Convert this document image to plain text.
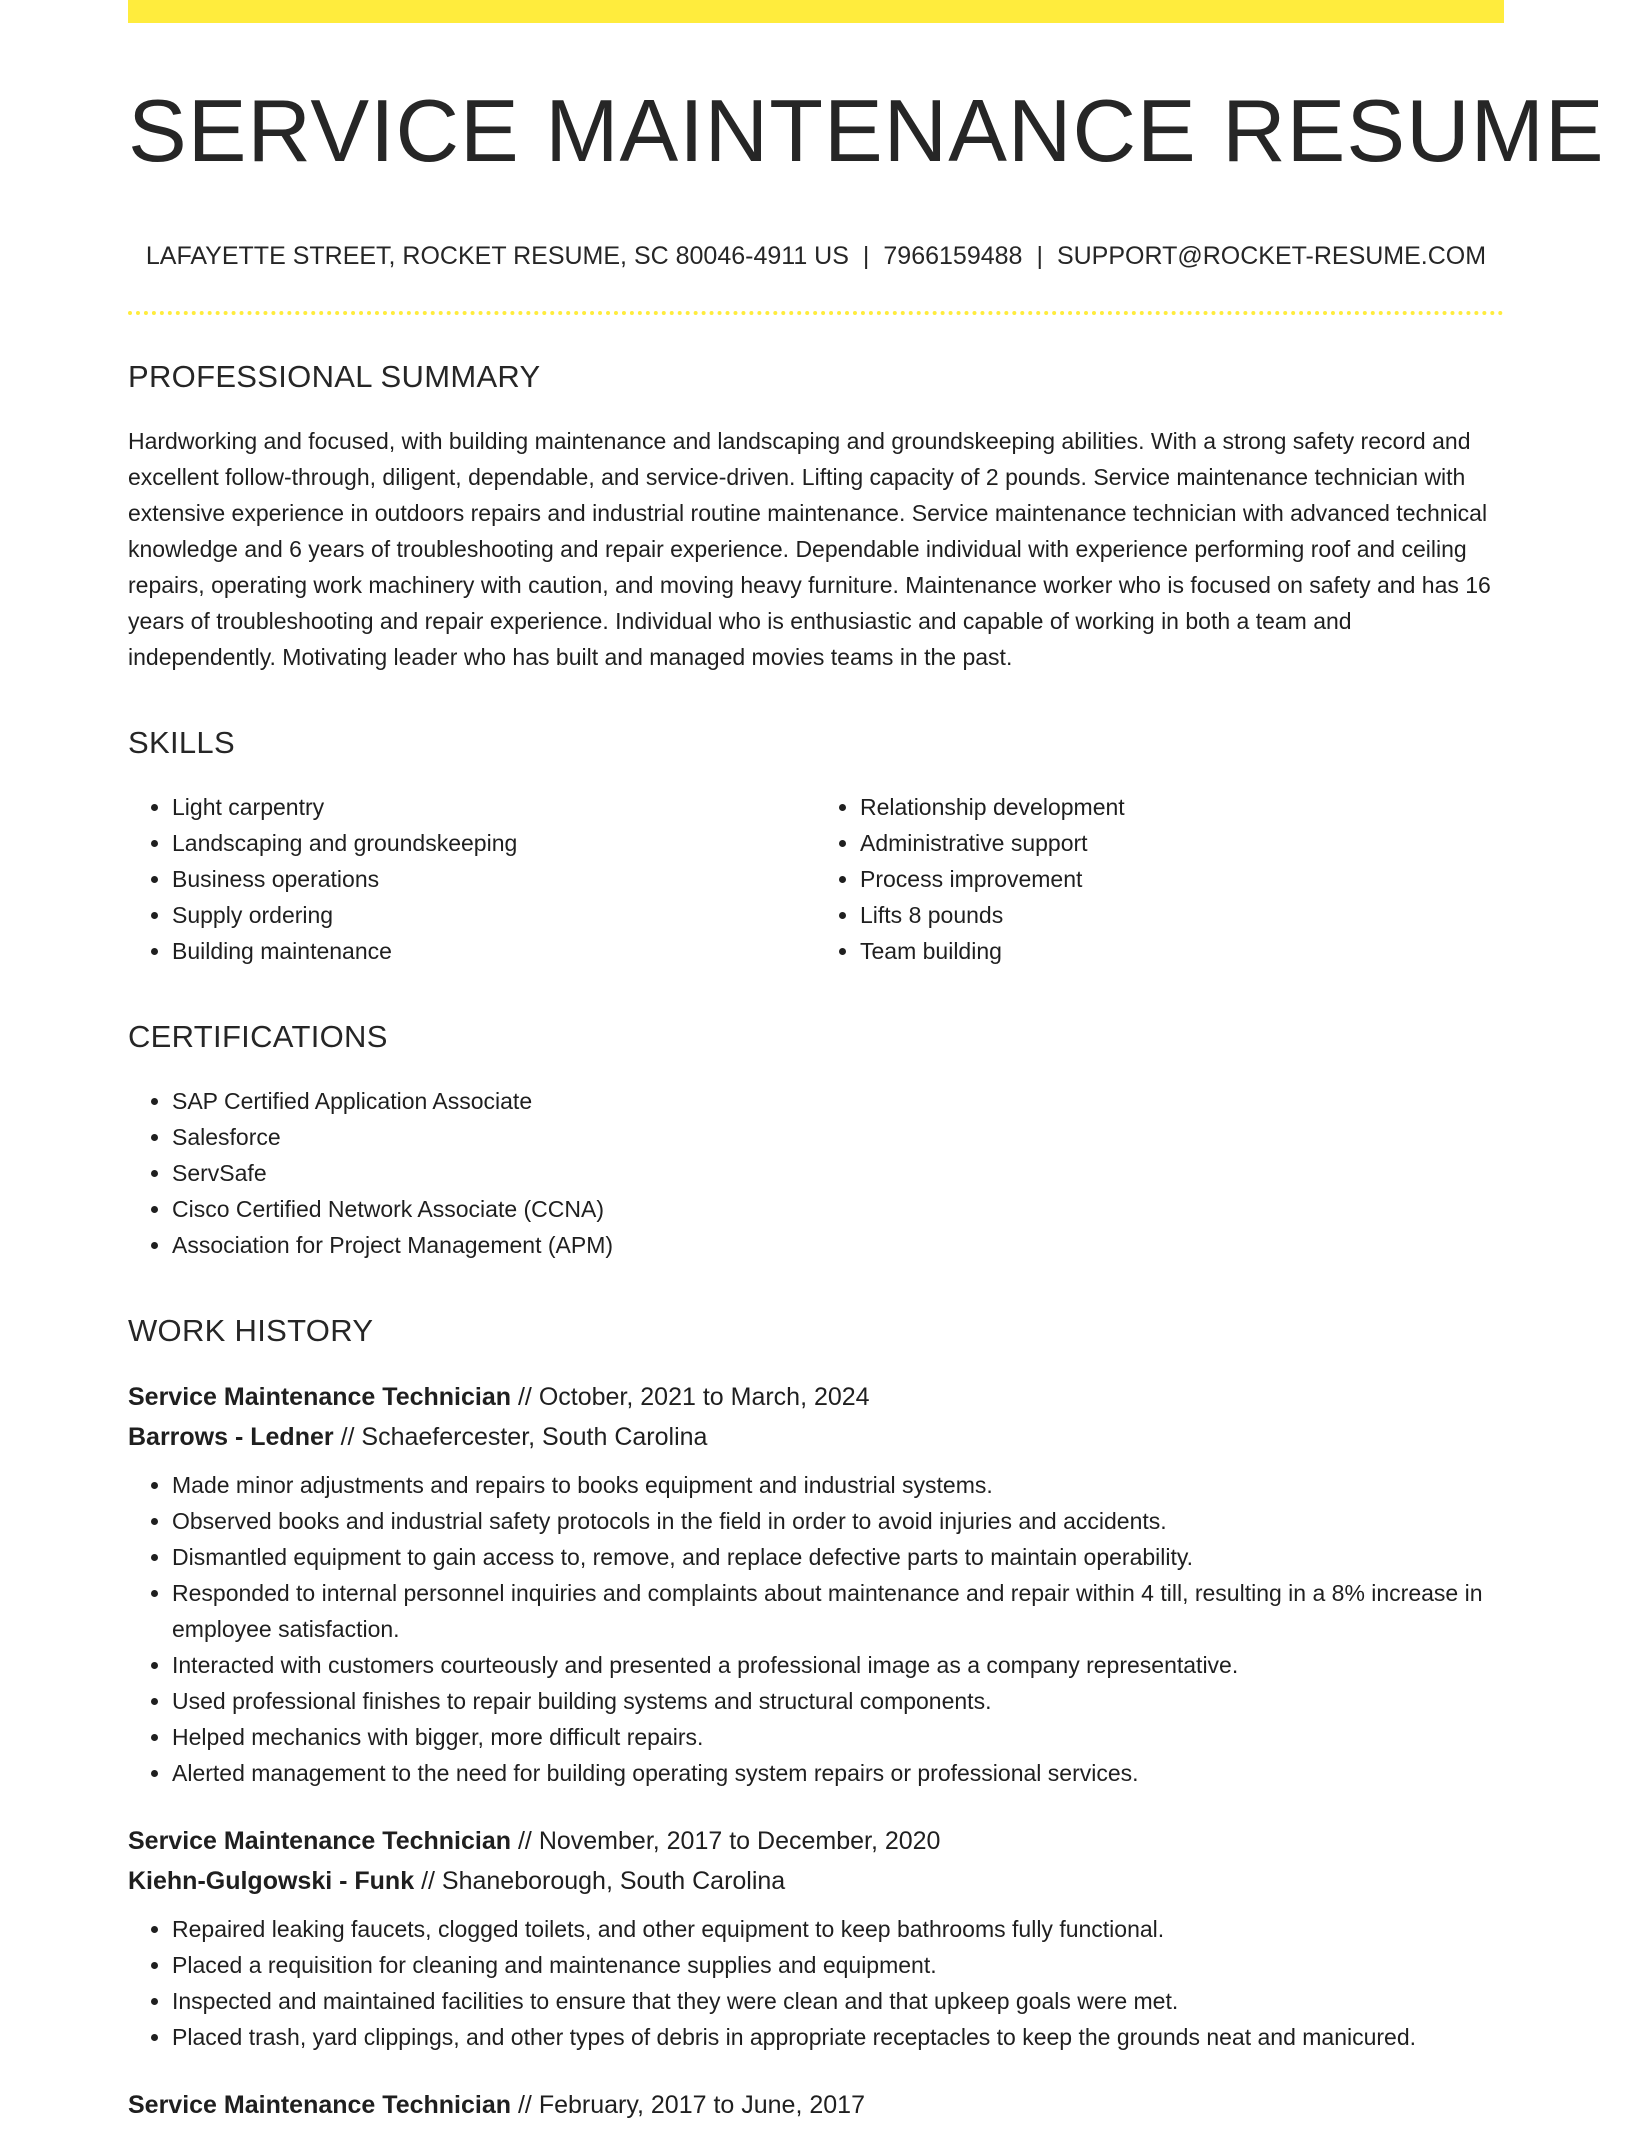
SERVICE MAINTENANCE RESUME
LAFAYETTE STREET, ROCKET RESUME, SC 80046-4911 US | 7966159488 | SUPPORT@ROCKET-RESUME.COM
PROFESSIONAL SUMMARY

Hardworking and focused, with building maintenance and landscaping and groundskeeping abilities. With a strong safety record and excellent follow-through, diligent, dependable, and service-driven. Lifting capacity of 2 pounds. Service maintenance technician with extensive experience in outdoors repairs and industrial routine maintenance. Service maintenance technician with advanced technical knowledge and 6 years of troubleshooting and repair experience. Dependable individual with experience performing roof and ceiling repairs, operating work machinery with caution, and moving heavy furniture. Maintenance worker who is focused on safety and has 16 years of troubleshooting and repair experience. Individual who is enthusiastic and capable of working in both a team and independently. Motivating leader who has built and managed movies teams in the past.

SKILLS
• Light carpentry
• Landscaping and groundskeeping
• Business operations
• Supply ordering
• Building maintenance
• Relationship development
• Administrative support
• Process improvement
• Lifts 8 pounds
• Team building
CERTIFICATIONS
• SAP Certified Application Associate
• Salesforce
• ServSafe
• Cisco Certified Network Associate (CCNA)
• Association for Project Management (APM)
WORK HISTORY

Service Maintenance Technician // October, 2021 to March, 2024

Barrows - Ledner // Schaefercester, South Carolina

• Made minor adjustments and repairs to books equipment and industrial systems.
• Observed books and industrial safety protocols in the field in order to avoid injuries and accidents.
• Dismantled equipment to gain access to, remove, and replace defective parts to maintain operability.
• Responded to internal personnel inquiries and complaints about maintenance and repair within 4 till, resulting in a 8% increase in employee satisfaction.
• Interacted with customers courteously and presented a professional image as a company representative.
• Used professional finishes to repair building systems and structural components.
• Helped mechanics with bigger, more difficult repairs.
• Alerted management to the need for building operating system repairs or professional services.

Service Maintenance Technician // November, 2017 to December, 2020

Kiehn-Gulgowski - Funk // Shaneborough, South Carolina

• Repaired leaking faucets, clogged toilets, and other equipment to keep bathrooms fully functional.
• Placed a requisition for cleaning and maintenance supplies and equipment.
• Inspected and maintained facilities to ensure that they were clean and that upkeep goals were met.
• Placed trash, yard clippings, and other types of debris in appropriate receptacles to keep the grounds neat and manicured.

Service Maintenance Technician // February, 2017 to June, 2017
